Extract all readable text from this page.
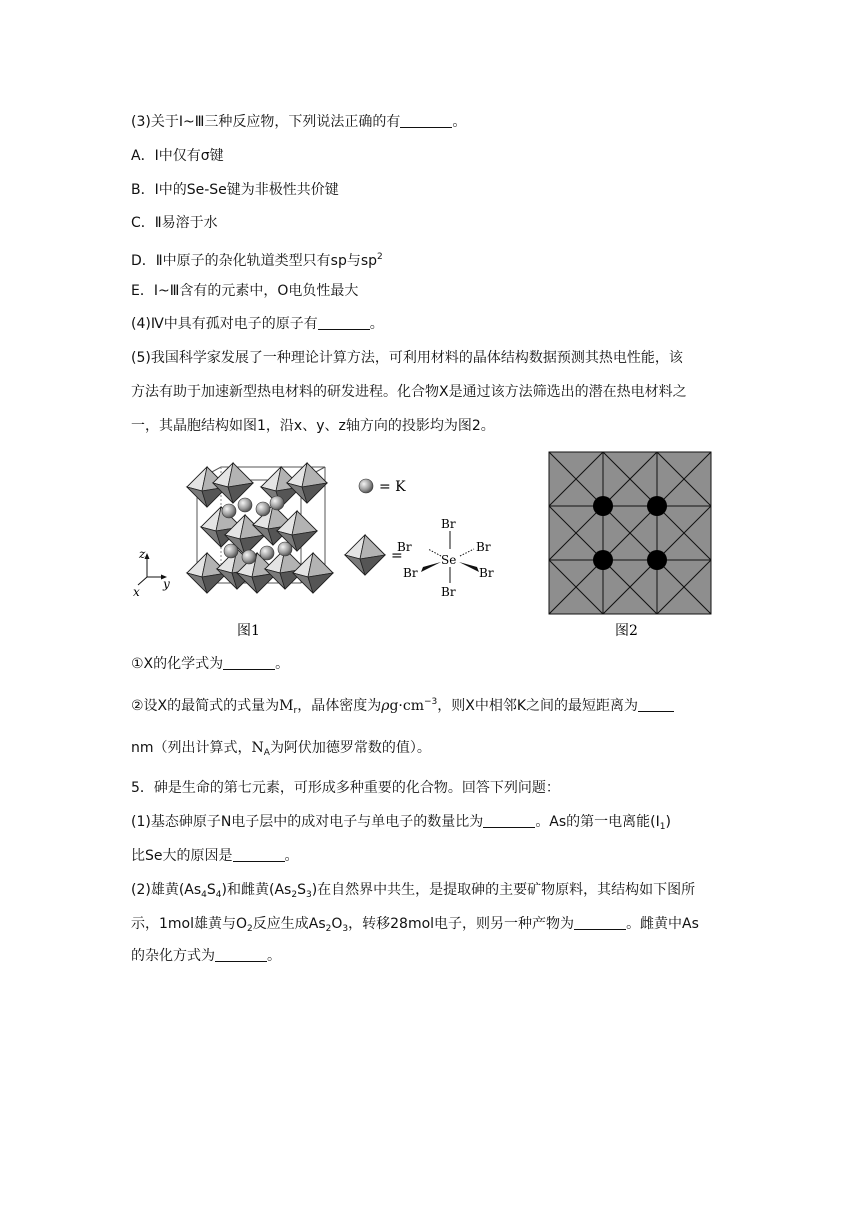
(3)关于Ⅰ~Ⅲ三种反应物，下列说法正确的有	。
A．Ⅰ中仅有σ键
B．Ⅰ中的Se-Se键为非极性共价键
C．Ⅱ易溶于水
D．Ⅱ中原子的杂化轨道类型只有sp与$sp^2$
E．Ⅰ~Ⅲ含有的元素中，O电负性最大
(4)Ⅳ中具有孤对电子的原子有	。
(5)我国科学家发展了一种理论计算方法，可利用材料的晶体结构数据预测其热电性能，该
方法有助于加速新型热电材料的研发进程。化合物X是通过该方法筛选出的潜在热电材料之
一，其晶胞结构如图1，沿x、y、z轴方向的投影均为图2。
z
y
x
= K
=
Br
Br	Br
Se
Br	Br
Br
图1	图2
①X的化学式为	。
②设X的最简式的式量为$M_r$，晶体密度为$\rho g\cdot cm^{-3}$，则X中相邻K之间的最短距离为
nm（列出计算式，$N_A$为阿伏加德罗常数的值）。
5．砷是生命的第七元素，可形成多种重要的化合物。回答下列问题：
(1)基态砷原子N电子层中的成对电子与单电子的数量比为	。As的第一电离能$(I_1)$
比Se大的原因是	。
(2)雄黄$(As_4S_4)$和雌黄$(As_2S_3)$在自然界中共生，是提取砷的主要矿物原料，其结构如下图所
示，1mol雄黄与$O_2$反应生成$As_2O_3$，转移28mol电子，则另一种产物为	。雌黄中As
的杂化方式为	。
